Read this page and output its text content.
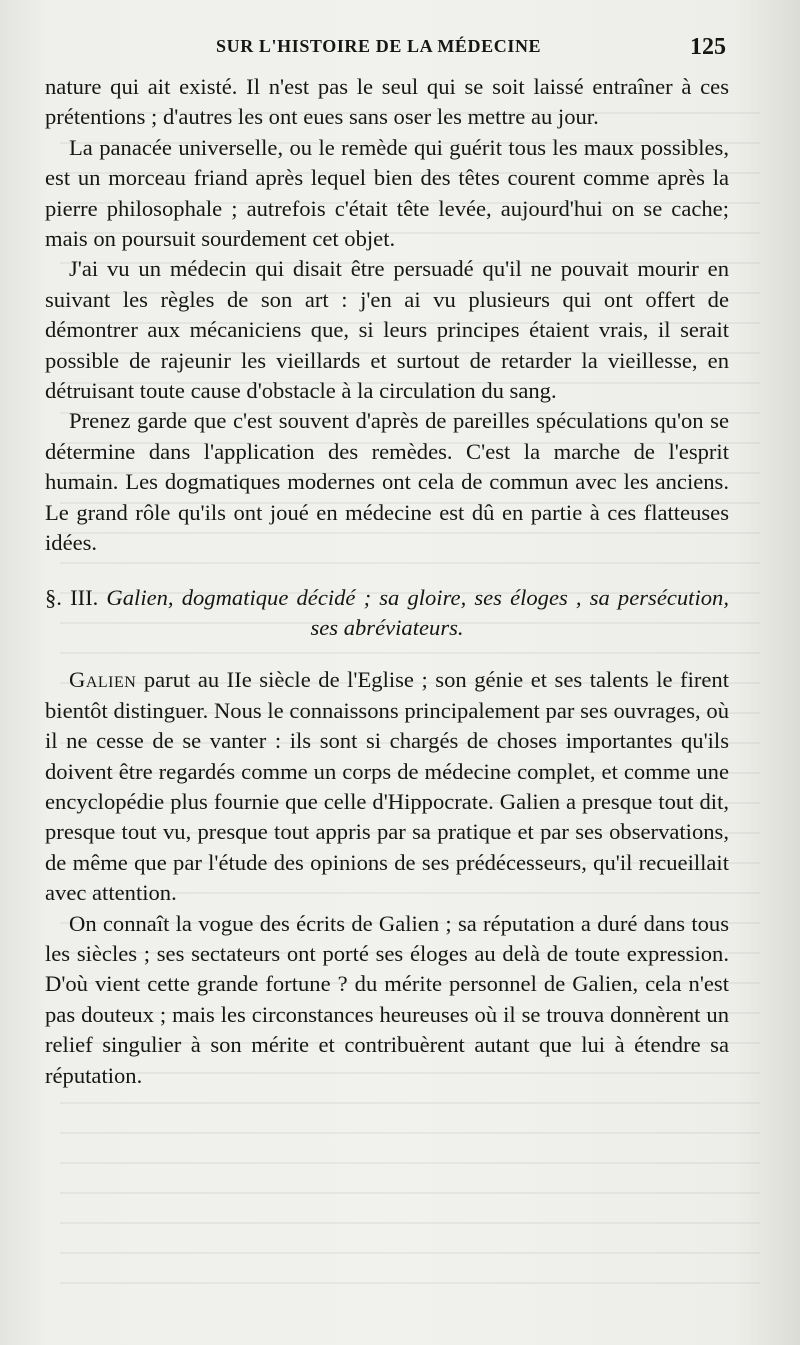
SUR L'HISTOIRE DE LA MÉDECINE	125

nature qui ait existé. Il n'est pas le seul qui se soit laissé entraîner à ces prétentions ; d'autres les ont eues sans oser les mettre au jour.

La panacée universelle, ou le remède qui guérit tous les maux possibles, est un morceau friand après lequel bien des têtes courent comme après la pierre philosophale ; autrefois c'était tête levée, aujourd'hui on se cache; mais on poursuit sourdement cet objet.

J'ai vu un médecin qui disait être persuadé qu'il ne pouvait mourir en suivant les règles de son art : j'en ai vu plusieurs qui ont offert de démontrer aux mécaniciens que, si leurs principes étaient vrais, il serait possible de rajeunir les vieillards et surtout de retarder la vieillesse, en détruisant toute cause d'obstacle à la circulation du sang.

Prenez garde que c'est souvent d'après de pareilles spéculations qu'on se détermine dans l'application des remèdes. C'est la marche de l'esprit humain. Les dogmatiques modernes ont cela de commun avec les anciens. Le grand rôle qu'ils ont joué en médecine est dû en partie à ces flatteuses idées.

§. III. Galien, dogmatique décidé ; sa gloire, ses éloges , sa persécution, ses abréviateurs.

Galien parut au IIe siècle de l'Eglise ; son génie et ses talents le firent bientôt distinguer. Nous le connaissons principalement par ses ouvrages, où il ne cesse de se vanter : ils sont si chargés de choses importantes qu'ils doivent être regardés comme un corps de médecine complet, et comme une encyclopédie plus fournie que celle d'Hippocrate. Galien a presque tout dit, presque tout vu, presque tout appris par sa pratique et par ses observations, de même que par l'étude des opinions de ses prédécesseurs, qu'il recueillait avec attention.

On connaît la vogue des écrits de Galien ; sa réputation a duré dans tous les siècles ; ses sectateurs ont porté ses éloges au delà de toute expression. D'où vient cette grande fortune ? du mérite personnel de Galien, cela n'est pas douteux ; mais les circonstances heureuses où il se trouva donnèrent un relief singulier à son mérite et contribuèrent autant que lui à étendre sa réputation.
